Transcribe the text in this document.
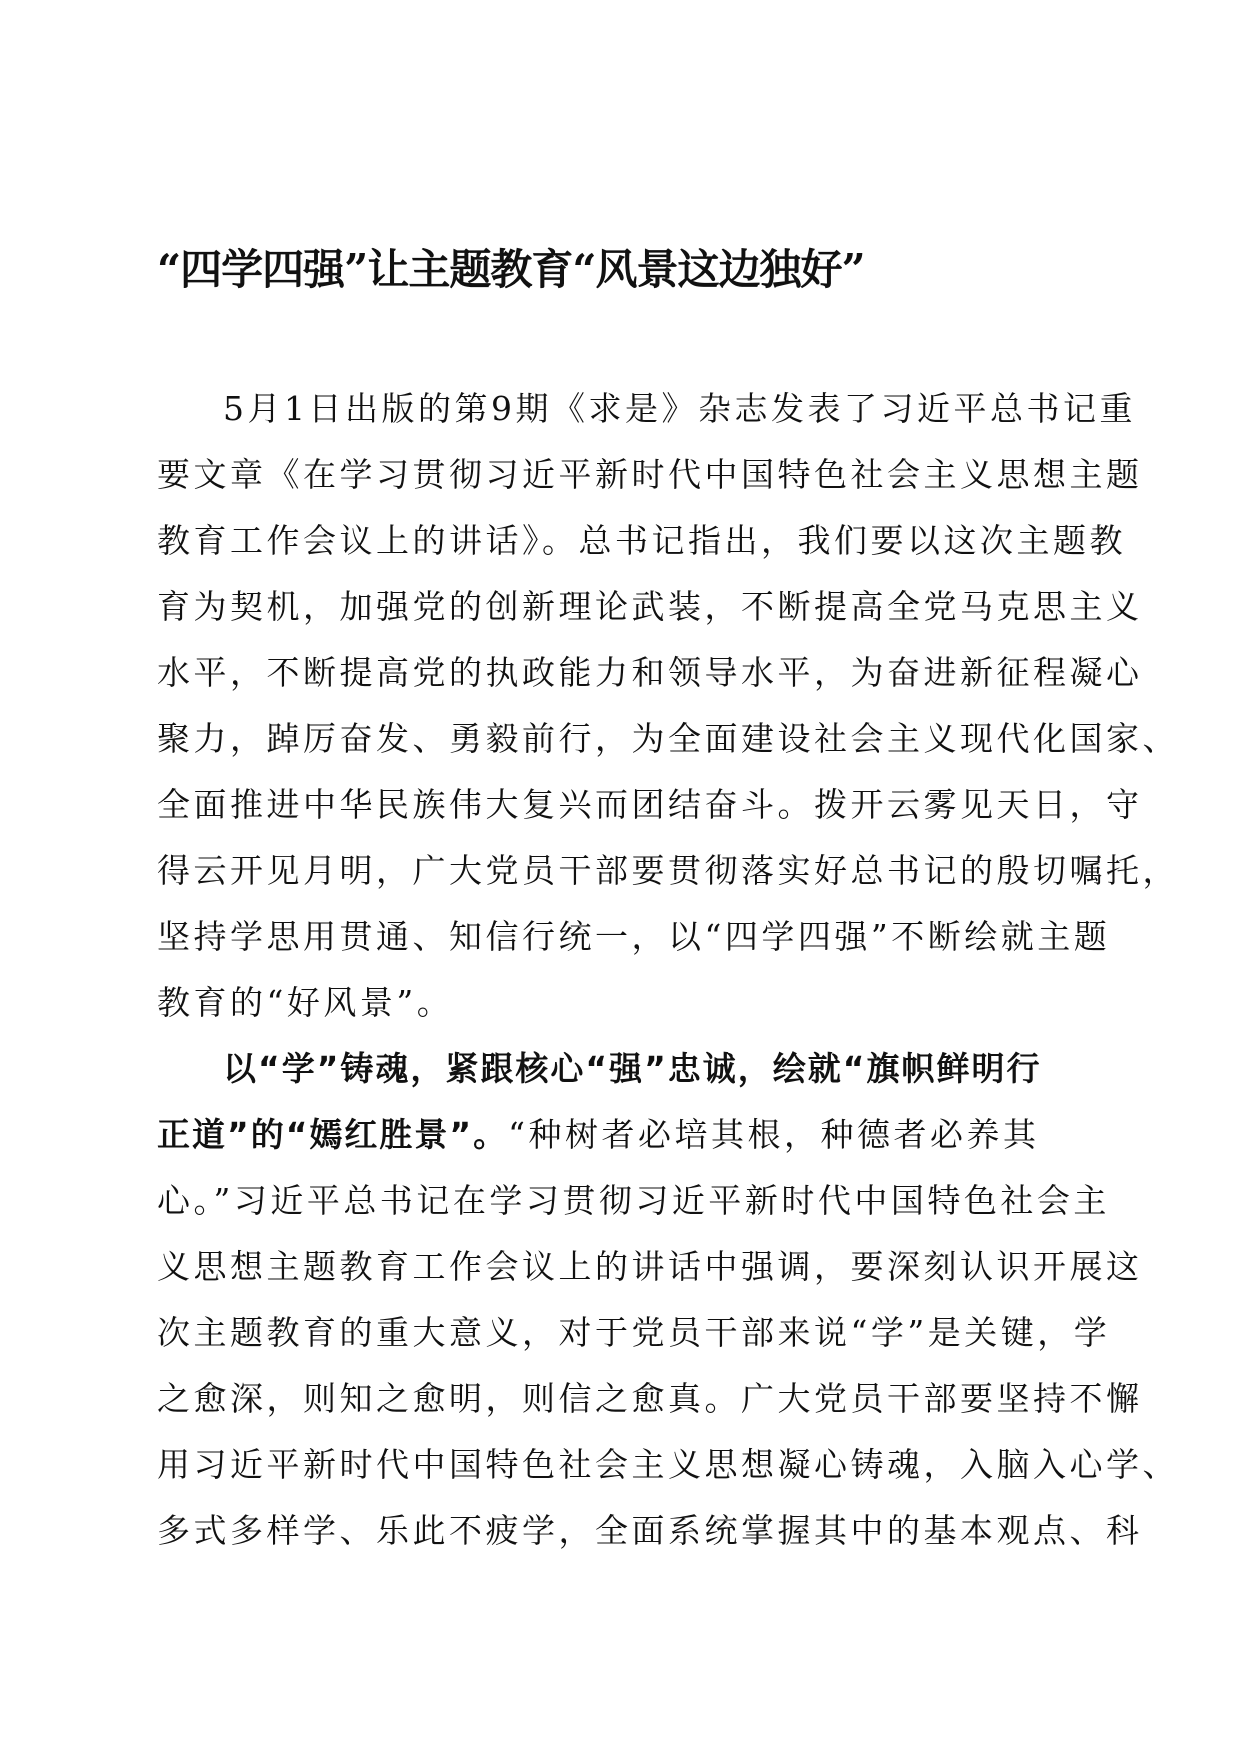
“四学四强”让主题教育“风景这边独好”
5月1日出版的第9期《求是》杂志发表了习近平总书记重
要文章《在学习贯彻习近平新时代中国特色社会主义思想主题
教育工作会议上的讲话》。总书记指出，我们要以这次主题教
育为契机，加强党的创新理论武装，不断提高全党马克思主义
水平，不断提高党的执政能力和领导水平，为奋进新征程凝心
聚力，踔厉奋发、勇毅前行，为全面建设社会主义现代化国家、
全面推进中华民族伟大复兴而团结奋斗。拨开云雾见天日，守
得云开见月明，广大党员干部要贯彻落实好总书记的殷切嘱托，
坚持学思用贯通、知信行统一，以“四学四强”不断绘就主题
教育的“好风景”。
以“学”铸魂，紧跟核心“强”忠诚，绘就“旗帜鲜明行
正道”的“嫣红胜景”。“种树者必培其根，种德者必养其
心。”习近平总书记在学习贯彻习近平新时代中国特色社会主
义思想主题教育工作会议上的讲话中强调，要深刻认识开展这
次主题教育的重大意义，对于党员干部来说“学”是关键，学
之愈深，则知之愈明，则信之愈真。广大党员干部要坚持不懈
用习近平新时代中国特色社会主义思想凝心铸魂，入脑入心学、
多式多样学、乐此不疲学，全面系统掌握其中的基本观点、科
